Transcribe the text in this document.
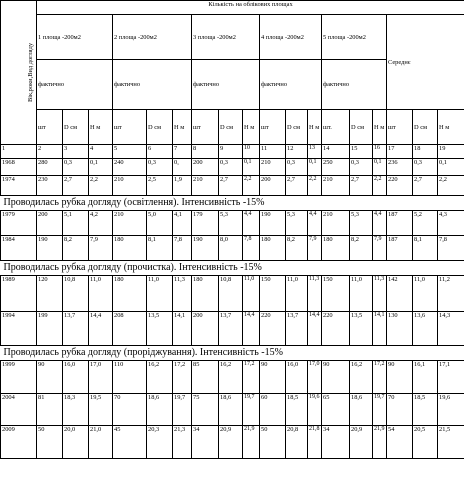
Вік,роки,Вид догляду	Кількість на облікових площах																	
	1 площа -200м2			2 площа -200м2			3 площа -200м2			4 площа -200м2			5 площа -200м2			Середнє		
	фактично			фактично			фактично			фактично			фактично					
	шт	D см	H м	шт	D см	H м	шт	D см	H м	шт	D см	H м	шт.	D см	H м	шт	D см	H м
1	2	3	4	5	6	7	8	9	10	11	12	13	14	15	16	17	18	19
1968	280	0,3	0,1	240	0,3	0,	200	0,3	0,1	210	0,3	0,1	250	0,3	0,1	236	0,3	0,1
1974	230	2,7	2,2	210	2,5	1,9	210	2,7	2,2	200	2,7	2,2	210	2,7	2,2	220	2,7	2,2
Проводилась рубка догляду (освітлення). Інтенсивність -15%																		
1979	200	5,1	4,2	210	5,0	4,1	179	5,3	4,4	190	5,3	4,4	210	5,3	4,4	187	5,2	4,3
1984	190	8,2	7,9	180	8,1	7,8	190	8,0	7,8	180	8,2	7,9	180	8,2	7,9	187	8,1	7,8
Проводилась рубка догляду (прочистка). Інтенсивність -15%																		
1989	120	10,8	11,0	180	11,0	11,3	180	10,8	11,0	150	11,0	11,3	150	11,0	11,3	142	11,0	11,2
1994	199	13,7	14,4	208	13,5	14,1	200	13,7	14,4	220	13,7	14,4	220	13,5	14,1	130	13,6	14,3
Проводилась рубка догляду (проріджування). Інтенсивність -15%																		
1999	90	16,0	17,0	110	16,2	17,2	85	16,2	17,2	90	16,0	17,0	90	16,2	17,2	90	16,1	17,1
2004	81	18,3	19,5	70	18,6	19,7	75	18,6	19,7	60	18,5	19,6	65	18,6	19,7	70	18,5	19,6
2009	50	20,0	21,0	45	20,3	21,3	34	20,9	21,9	50	20,8	21,8	34	20,9	21,9	54	20,5	21,5
